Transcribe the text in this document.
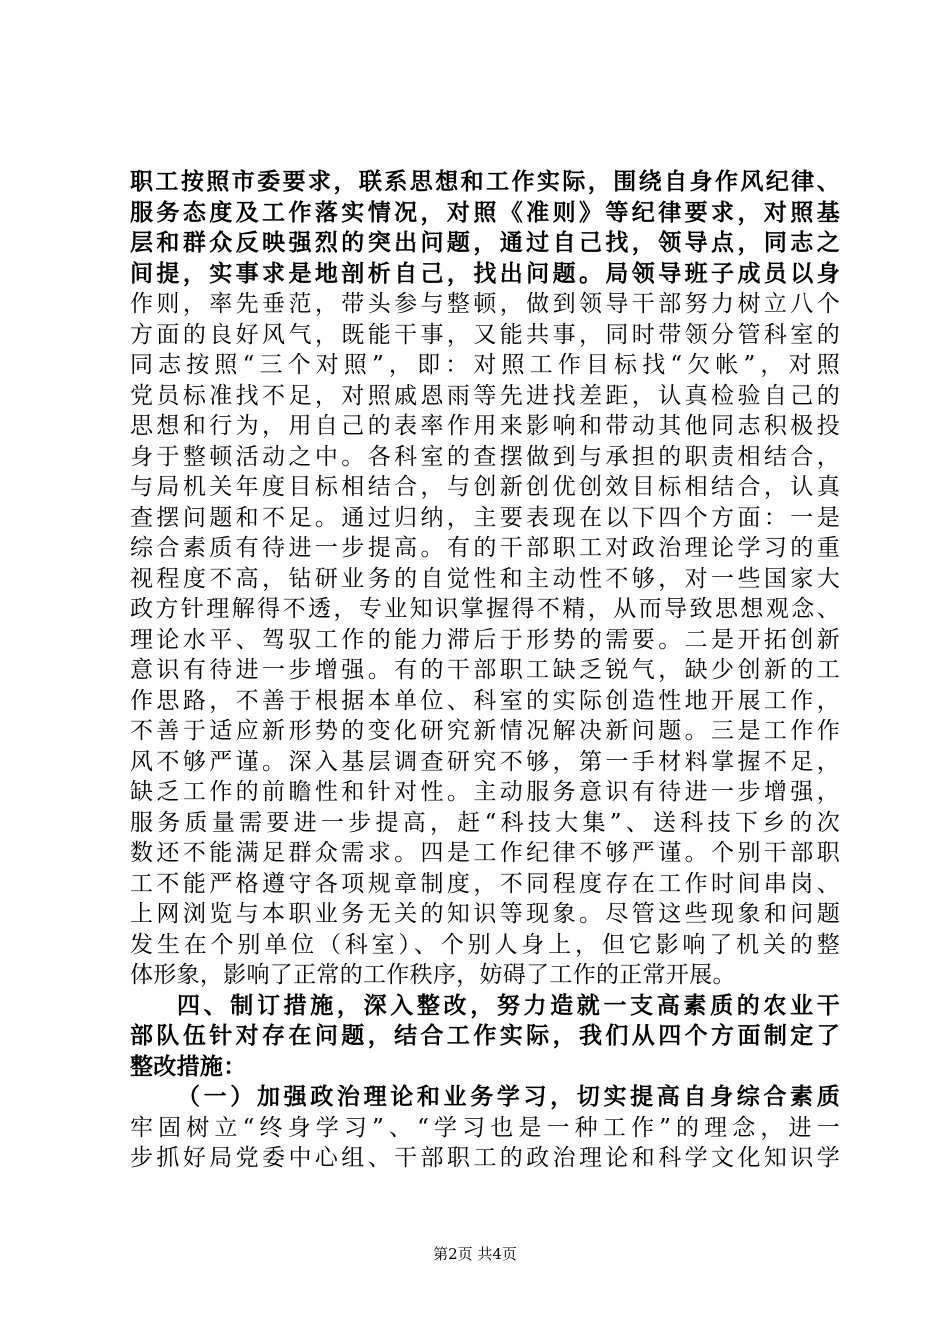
职工按照市委要求，联系思想和工作实际，围绕自身作风纪律、
服务态度及工作落实情况，对照《准则》等纪律要求，对照基
层和群众反映强烈的突出问题，通过自己找，领导点，同志之
间提，实事求是地剖析自己，找出问题。局领导班子成员以身
作则，率先垂范，带头参与整顿，做到领导干部努力树立八个
方面的良好风气，既能干事，又能共事，同时带领分管科室的
同志按照“三个对照”，即：对照工作目标找“欠帐”，对照
党员标准找不足，对照戚恩雨等先进找差距，认真检验自己的
思想和行为，用自己的表率作用来影响和带动其他同志积极投
身于整顿活动之中。各科室的查摆做到与承担的职责相结合，
与局机关年度目标相结合，与创新创优创效目标相结合，认真
查摆问题和不足。通过归纳，主要表现在以下四个方面：一是
综合素质有待进一步提高。有的干部职工对政治理论学习的重
视程度不高，钻研业务的自觉性和主动性不够，对一些国家大
政方针理解得不透，专业知识掌握得不精，从而导致思想观念、
理论水平、驾驭工作的能力滞后于形势的需要。二是开拓创新
意识有待进一步增强。有的干部职工缺乏锐气，缺少创新的工
作思路，不善于根据本单位、科室的实际创造性地开展工作，
不善于适应新形势的变化研究新情况解决新问题。三是工作作
风不够严谨。深入基层调查研究不够，第一手材料掌握不足，
缺乏工作的前瞻性和针对性。主动服务意识有待进一步增强，
服务质量需要进一步提高，赶“科技大集”、送科技下乡的次
数还不能满足群众需求。四是工作纪律不够严谨。个别干部职
工不能严格遵守各项规章制度，不同程度存在工作时间串岗、
上网浏览与本职业务无关的知识等现象。尽管这些现象和问题
发生在个别单位（科室）、个别人身上，但它影响了机关的整
体形象，影响了正常的工作秩序，妨碍了工作的正常开展。
四、制订措施，深入整改，努力造就一支高素质的农业干
部队伍针对存在问题，结合工作实际，我们从四个方面制定了
整改措施：
（一）加强政治理论和业务学习，切实提高自身综合素质
牢固树立“终身学习”、“学习也是一种工作”的理念，进一
步抓好局党委中心组、干部职工的政治理论和科学文化知识学
第2页 共4页
